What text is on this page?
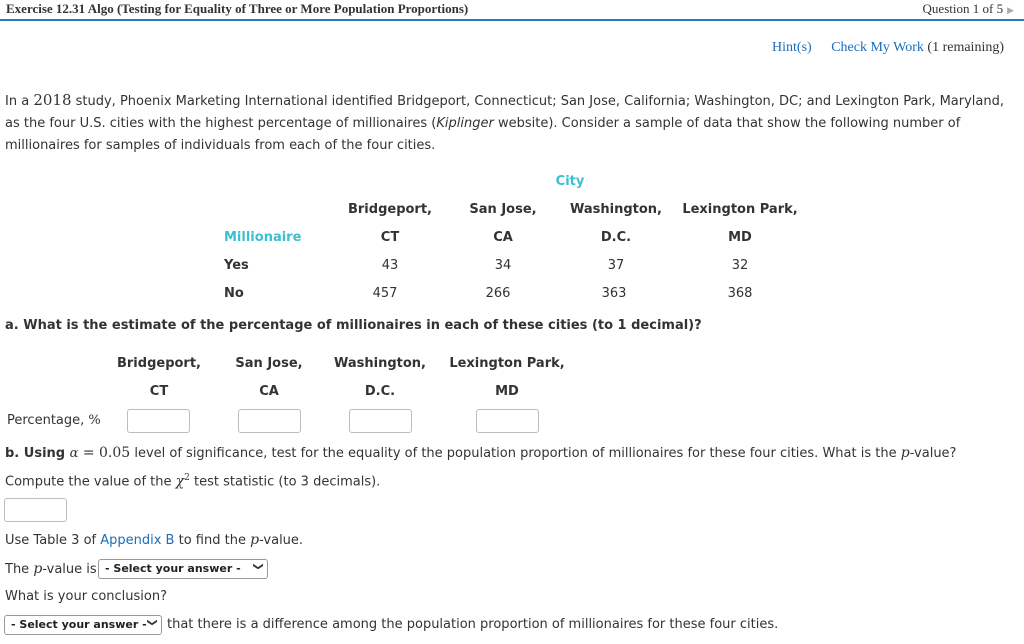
Exercise 12.31 Algo (Testing for Equality of Three or More Population Proportions)	Question 1 of 5 ▶
Hint(s) Check My Work (1 remaining)
In a 2018 study, Phoenix Marketing International identified Bridgeport, Connecticut; San Jose, California; Washington, DC; and Lexington Park, Maryland, as the four U.S. cities with the highest percentage of millionaires (Kiplinger website). Consider a sample of data that show the following number of millionaires for samples of individuals from each of the four cities.
City
Bridgeport,	San Jose,	Washington,	Lexington Park,
Millionaire	CT	CA	D.C.	MD
Yes	43	34	37	32
No	457	266	363	368
a. What is the estimate of the percentage of millionaires in each of these cities (to 1 decimal)?
Bridgeport,	San Jose,	Washington,	Lexington Park,
CT	CA	D.C.	MD
Percentage, %
b. Using α = 0.05 level of significance, test for the equality of the population proportion of millionaires for these four cities. What is the p-value?
Compute the value of the $\chi^2$ test statistic (to 3 decimals).
Use Table 3 of Appendix B to find the p-value.
The p-value is - Select your answer - ❯
What is your conclusion?
- Select your answer - ❯ that there is a difference among the population proportion of millionaires for these four cities.
